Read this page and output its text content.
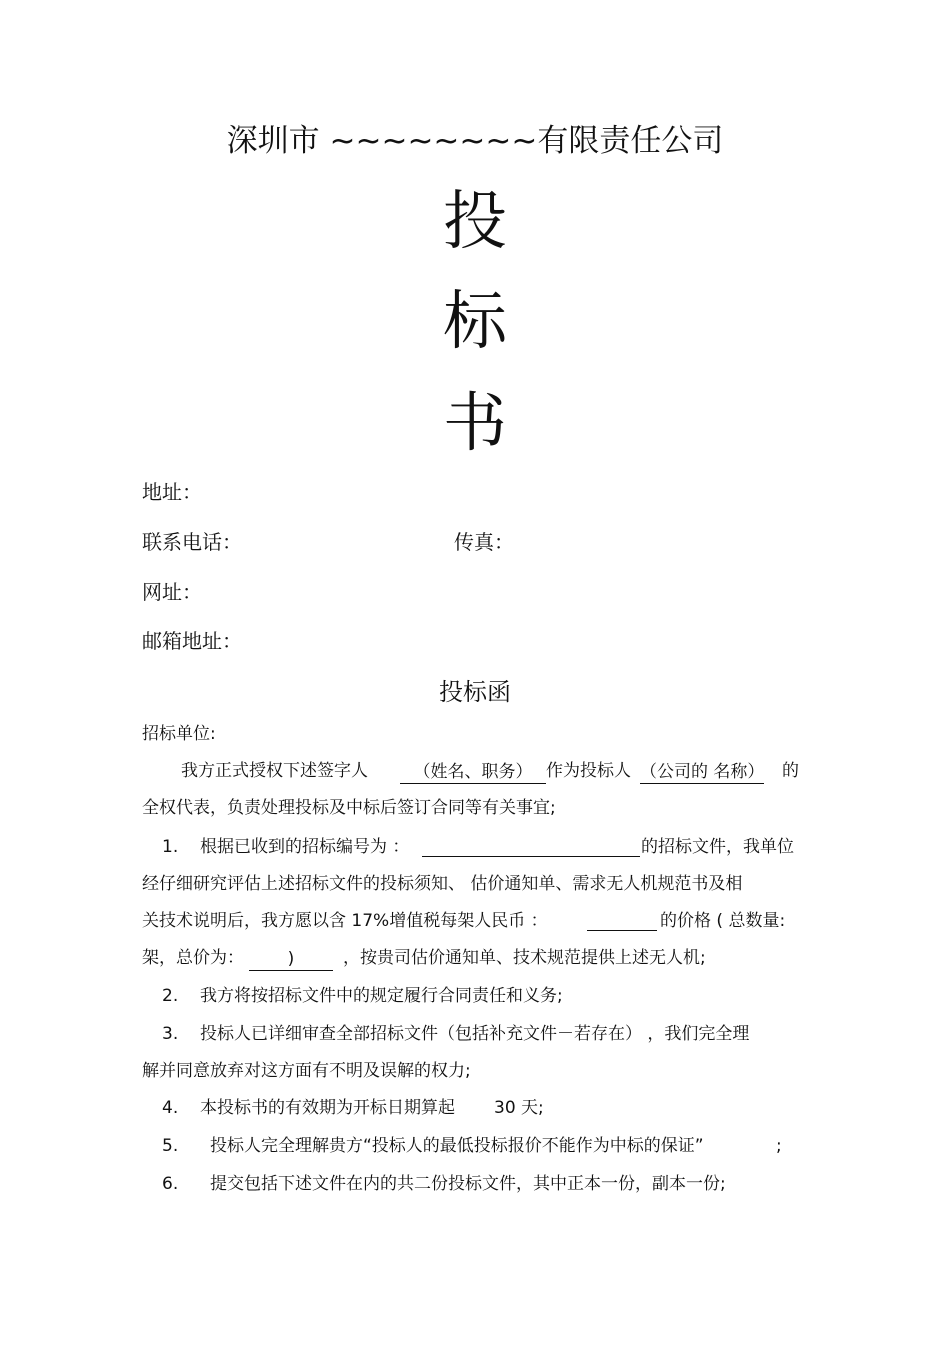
深圳市 ~~~~~~~~有限责任公司
投
标
书
地址：
联系电话：	传真：
网址：
邮箱地址：
投标函
招标单位:
我方正式授权下述签字人	（姓名、职务） 作为投标人 （公司的 名称） 的
全权代表，负责处理投标及中标后签订合同等有关事宜;
1. 根据已收到的招标编号为 ：	的招标文件，我单位
经仔细研究评估上述招标文件的投标须知、 估价通知单、需求无人机规范书及相
关技术说明后，我方愿以含 17%增值税每架人民币 ：	的价格 ( 总数量:
架，总价为：	)	，按贵司估价通知单、技术规范提供上述无人机;
2. 我方将按招标文件中的规定履行合同责任和义务;
3. 投标人已详细审查全部招标文件（包括补充文件－若存在） ，我们完全理
解并同意放弃对这方面有不明及误解的权力;
4. 本投标书的有效期为开标日期算起 30 天;
5. 投标人完全理解贵方“投标人的最低投标报价不能作为中标的保证”	;
6. 提交包括下述文件在内的共二份投标文件，其中正本一份，副本一份;
